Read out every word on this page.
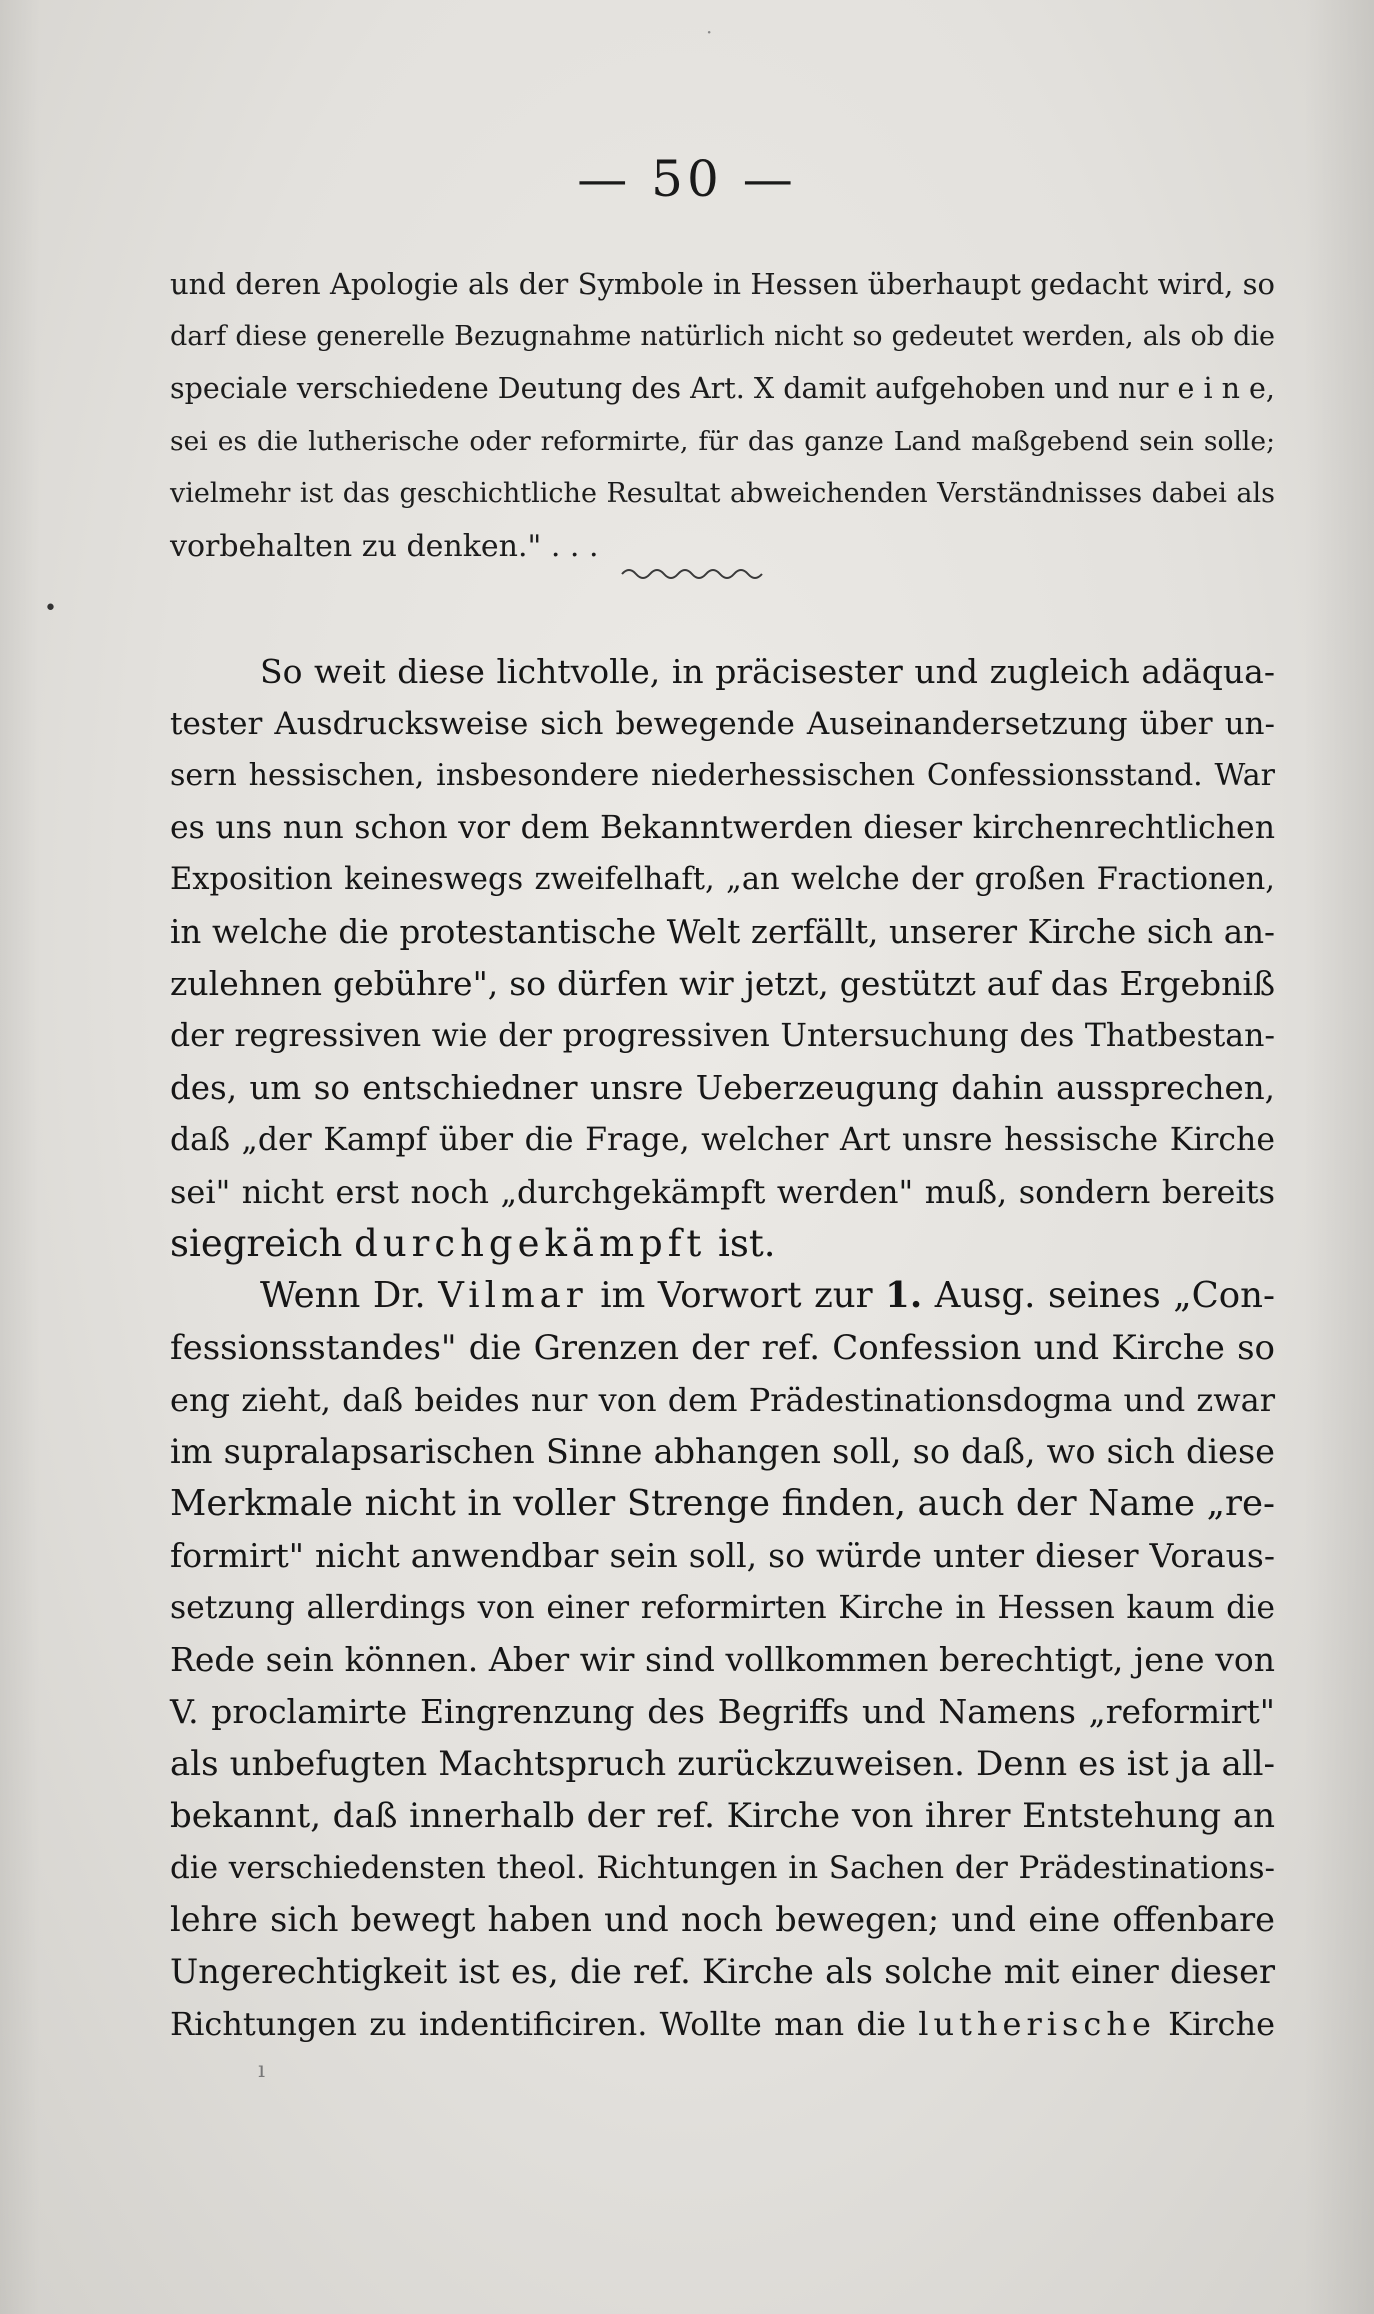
·
— 50 —
und deren Apologie als der Symbole in Hessen überhaupt gedacht wird, so
darf diese generelle Bezugnahme natürlich nicht so gedeutet werden, als ob die
speciale verschiedene Deutung des Art. X damit aufgehoben und nur e i n e,
sei es die lutherische oder reformirte, für das ganze Land maßgebend sein solle;
vielmehr ist das geschichtliche Resultat abweichenden Verständnisses dabei als
vorbehalten zu denken." . . .
•
So weit diese lichtvolle, in präcisester und zugleich adäqua-
tester Ausdrucksweise sich bewegende Auseinandersetzung über un-
sern hessischen, insbesondere niederhessischen Confessionsstand. War
es uns nun schon vor dem Bekanntwerden dieser kirchenrechtlichen
Exposition keineswegs zweifelhaft, „an welche der großen Fractionen,
in welche die protestantische Welt zerfällt, unserer Kirche sich an-
zulehnen gebühre", so dürfen wir jetzt, gestützt auf das Ergebniß
der regressiven wie der progressiven Untersuchung des Thatbestan-
des, um so entschiedner unsre Ueberzeugung dahin aussprechen,
daß „der Kampf über die Frage, welcher Art unsre hessische Kirche
sei" nicht erst noch „durchgekämpft werden" muß, sondern bereits
siegreich durchgekämpft ist.
Wenn Dr. Vilmar im Vorwort zur 1. Ausg. seines „Con-
fessionsstandes" die Grenzen der ref. Confession und Kirche so
eng zieht, daß beides nur von dem Prädestinationsdogma und zwar
im supralapsarischen Sinne abhangen soll, so daß, wo sich diese
Merkmale nicht in voller Strenge finden, auch der Name „re-
formirt" nicht anwendbar sein soll, so würde unter dieser Voraus-
setzung allerdings von einer reformirten Kirche in Hessen kaum die
Rede sein können. Aber wir sind vollkommen berechtigt, jene von
V. proclamirte Eingrenzung des Begriffs und Namens „reformirt"
als unbefugten Machtspruch zurückzuweisen. Denn es ist ja all-
bekannt, daß innerhalb der ref. Kirche von ihrer Entstehung an
die verschiedensten theol. Richtungen in Sachen der Prädestinations-
lehre sich bewegt haben und noch bewegen; und eine offenbare
Ungerechtigkeit ist es, die ref. Kirche als solche mit einer dieser
Richtungen zu indentificiren. Wollte man die lutherische Kirche
ı
